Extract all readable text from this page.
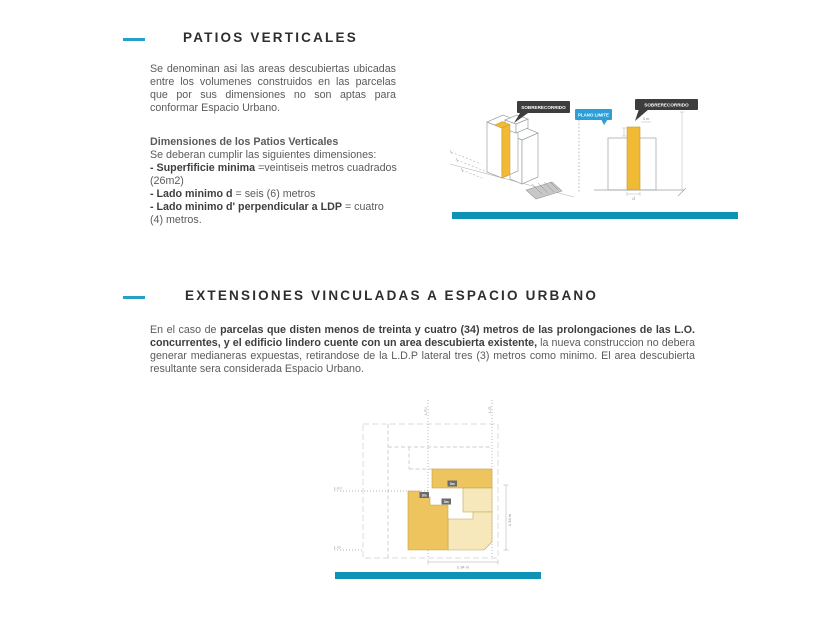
PATIOS VERTICALES

Se denominan asi las areas descubiertas ubicadas entre los volumenes construidos en las parcelas que por sus dimensiones no son aptas para conformar Espacio Urbano.

Dimensiones de los Patios Verticales

Se deberan cumplir las siguientes dimensiones:

- Superfificie minima =veintiseis metros cuadrados (26m2)

- Lado minimo d = seis (6) metros

- Lado minimo d' perpendicular a LDP = cuatro (4) metros.

SOBRERECORRIDO
3 m
d
PLANO LIMITE
SOBRERECORRIDO
EXTENSIONES VINCULADAS A ESPACIO URBANO

En el caso de parcelas que disten menos de treinta y cuatro (34) metros de las prolongaciones de las L.O. concurrentes, y el edificio lindero cuente con un area descubierta existente, la nueva construccion no debera generar medianeras expuestas, retirandose de la L.D.P lateral tres (3) metros como minimo. El area descubierta resultante sera considerada Espacio Urbano.

3m
3m
3m
L.F.I	L.O
L.F.I
L.O.
≤ 34 m
≤ 34 m
